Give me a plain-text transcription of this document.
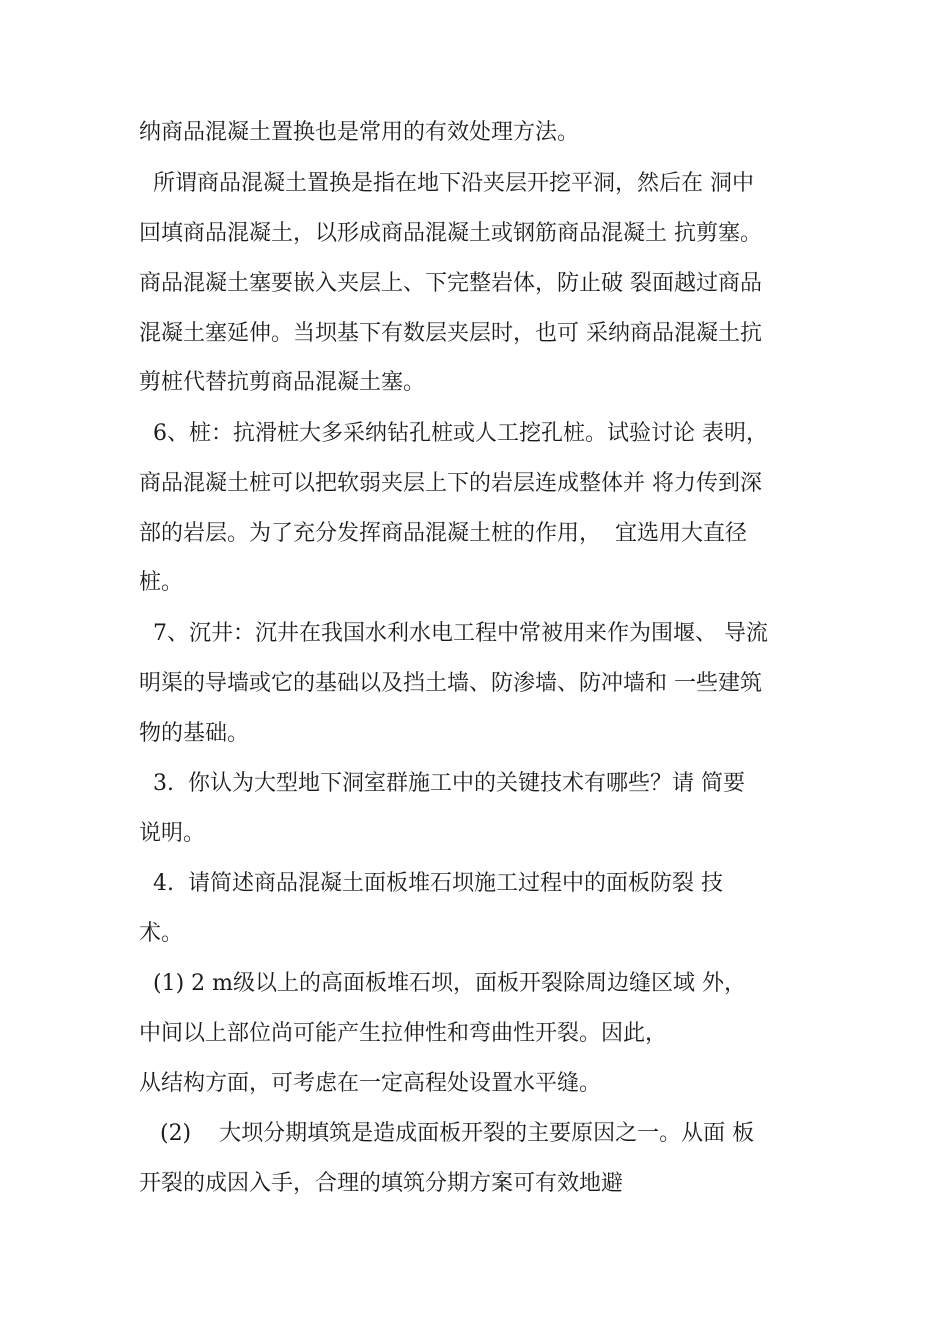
纳商品混凝土置换也是常用的有效处理方法。

所谓商品混凝土置换是指在地下沿夹层开挖平洞，然后在 洞中

回填商品混凝土，以形成商品混凝土或钢筋商品混凝土 抗剪塞。

商品混凝土塞要嵌入夹层上、下完整岩体，防止破 裂面越过商品

混凝土塞延伸。当坝基下有数层夹层时，也可 采纳商品混凝土抗

剪桩代替抗剪商品混凝土塞。

6、桩：抗滑桩大多采纳钻孔桩或人工挖孔桩。试验讨论 表明，

商品混凝土桩可以把软弱夹层上下的岩层连成整体并 将力传到深

部的岩层。为了充分发挥商品混凝土桩的作用，  宜选用大直径

桩。

7、沉井：沉井在我国水利水电工程中常被用来作为围堰、 导流

明渠的导墙或它的基础以及挡土墙、防渗墙、防冲墙和 一些建筑

物的基础。

3.  你认为大型地下洞室群施工中的关键技术有哪些？请 简要

说明。

4.  请简述商品混凝土面板堆石坝施工过程中的面板防裂 技

术。

(1) 2 m级以上的高面板堆石坝，面板开裂除周边缝区域 外，

中间以上部位尚可能产生拉伸性和弯曲性开裂。因此，

从结构方面，可考虑在一定高程处设置水平缝。

(2)    大坝分期填筑是造成面板开裂的主要原因之一。从面 板

开裂的成因入手，合理的填筑分期方案可有效地避
